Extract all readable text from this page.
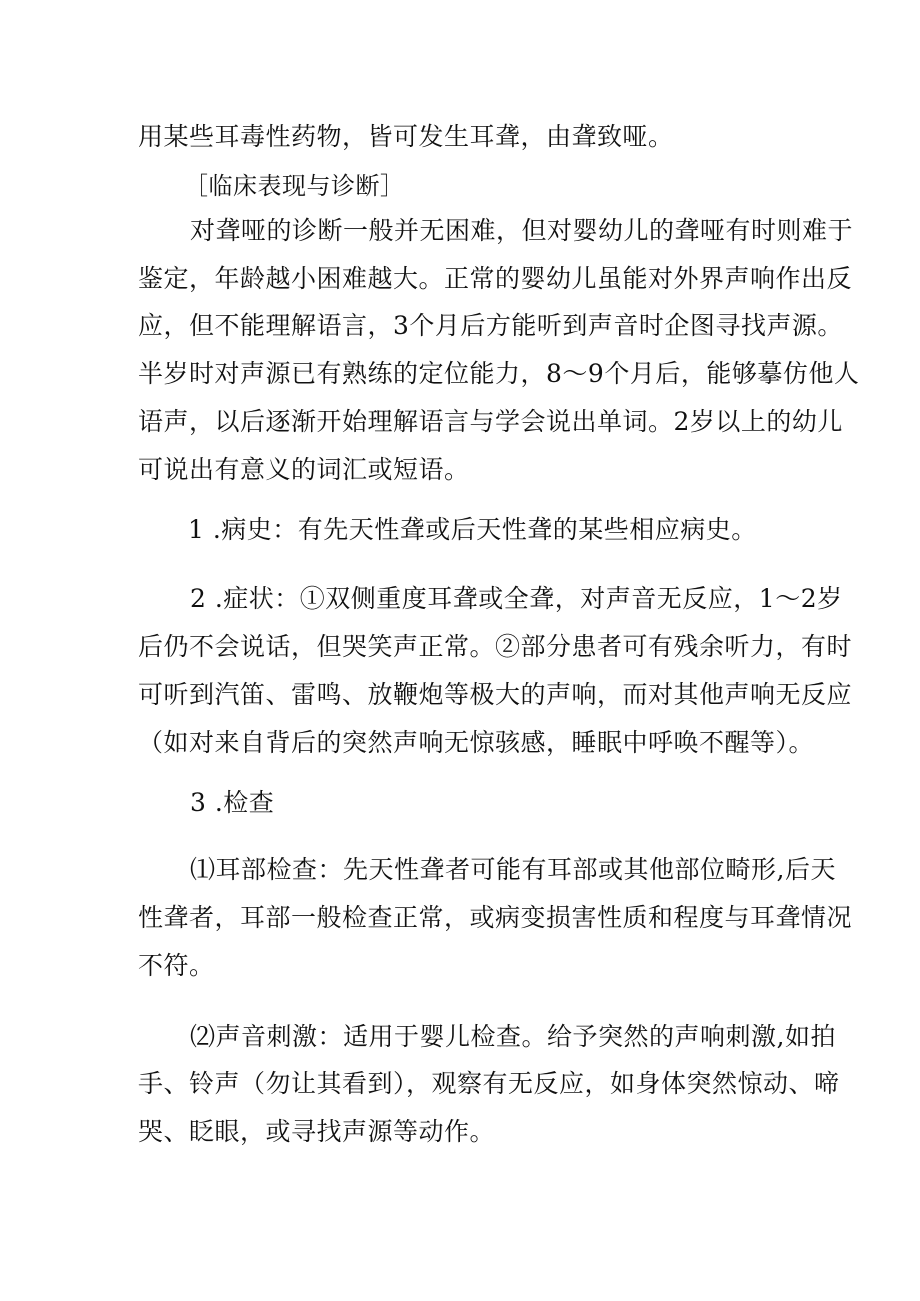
用某些耳毒性药物，皆可发生耳聋，由聋致哑。
［临床表现与诊断］
对聋哑的诊断一般并无困难，但对婴幼儿的聋哑有时则难于
鉴定，年龄越小困难越大。正常的婴幼儿虽能对外界声响作出反
应，但不能理解语言，3个月后方能听到声音时企图寻找声源。
半岁时对声源已有熟练的定位能力，8～9个月后，能够摹仿他人
语声，以后逐渐开始理解语言与学会说出单词。2岁以上的幼儿
可说出有意义的词汇或短语。
1 .病史：有先天性聋或后天性聋的某些相应病史。
2 .症状：①双侧重度耳聋或全聋，对声音无反应，1～2岁
后仍不会说话，但哭笑声正常。②部分患者可有残余听力，有时
可听到汽笛、雷鸣、放鞭炮等极大的声响，而对其他声响无反应
（如对来自背后的突然声响无惊骇感，睡眠中呼唤不醒等）。
3 .检查
⑴耳部检查：先天性聋者可能有耳部或其他部位畸形,后天
性聋者，耳部一般检查正常，或病变损害性质和程度与耳聋情况
不符。
⑵声音刺激：适用于婴儿检查。给予突然的声响刺激,如拍
手、铃声（勿让其看到），观察有无反应，如身体突然惊动、啼
哭、眨眼，或寻找声源等动作。
